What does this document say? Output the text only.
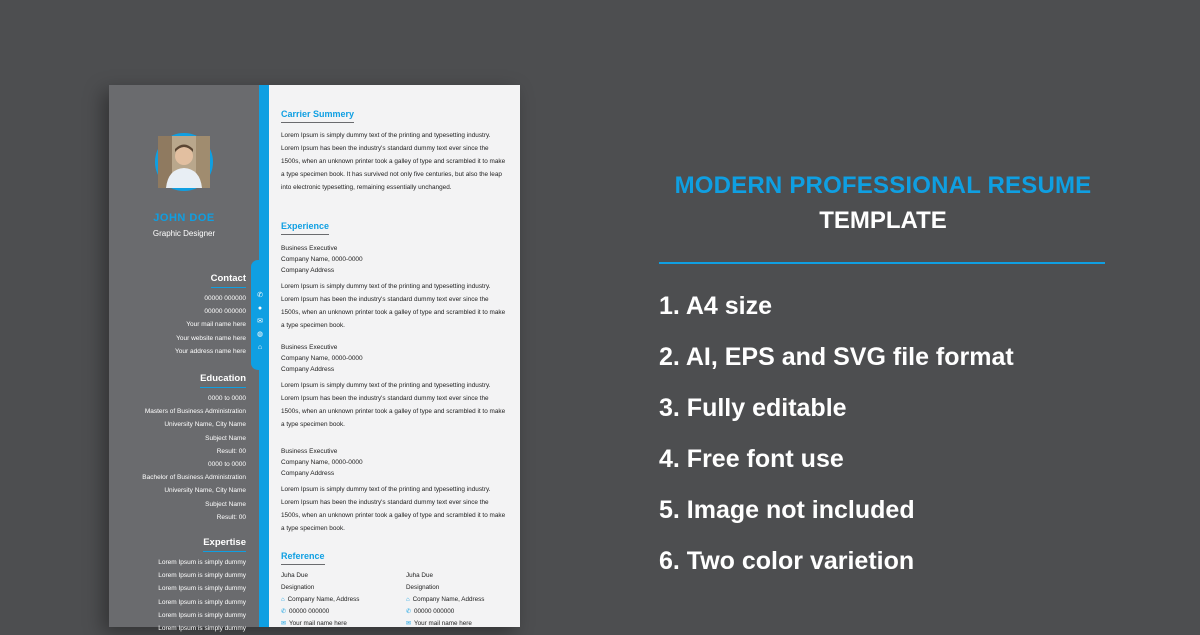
✆
●
✉
◍
⌂
JOHN DOE
Graphic Designer
Contact
00000 000000
00000 000000
Your mail name here
Your website name here
Your address name here
Education
0000 to 0000
Masters of Business Administration
University Name, City Name
Subject Name
Result: 00
0000 to 0000
Bachelor of Business Administration
University Name, City Name
Subject Name
Result: 00
Expertise
Lorem Ipsum is simply dummy
Lorem Ipsum is simply dummy
Lorem Ipsum is simply dummy
Lorem Ipsum is simply dummy
Lorem Ipsum is simply dummy
Lorem Ipsum is simply dummy
Carrier Summery
Lorem Ipsum is simply dummy text of the printing and typesetting industry. Lorem Ipsum has been the industry's standard dummy text ever since the 1500s, when an unknown printer took a galley of type and scrambled it to make a type specimen book. It has survived not only five centuries, but also the leap into electronic typesetting, remaining essentially unchanged.
Experience
Business Executive
Company Name, 0000-0000
Company Address
Lorem Ipsum is simply dummy text of the printing and typesetting industry. Lorem Ipsum has been the industry's standard dummy text ever since the 1500s, when an unknown printer took a galley of type and scrambled it to make a type specimen book.
Business Executive
Company Name, 0000-0000
Company Address
Lorem Ipsum is simply dummy text of the printing and typesetting industry. Lorem Ipsum has been the industry's standard dummy text ever since the 1500s, when an unknown printer took a galley of type and scrambled it to make a type specimen book.
Business Executive
Company Name, 0000-0000
Company Address
Lorem Ipsum is simply dummy text of the printing and typesetting industry. Lorem Ipsum has been the industry's standard dummy text ever since the 1500s, when an unknown printer took a galley of type and scrambled it to make a type specimen book.
Reference
Juha Due
Designation
⌂ Company Name, Address
✆ 00000 000000
✉ Your mail name here
Juha Due
Designation
⌂ Company Name, Address
✆ 00000 000000
✉ Your mail name here
MODERN PROFESSIONAL RESUME
TEMPLATE
1. A4 size
2. AI, EPS and SVG file format
3. Fully editable
4. Free font use
5. Image not included
6. Two color varietion
